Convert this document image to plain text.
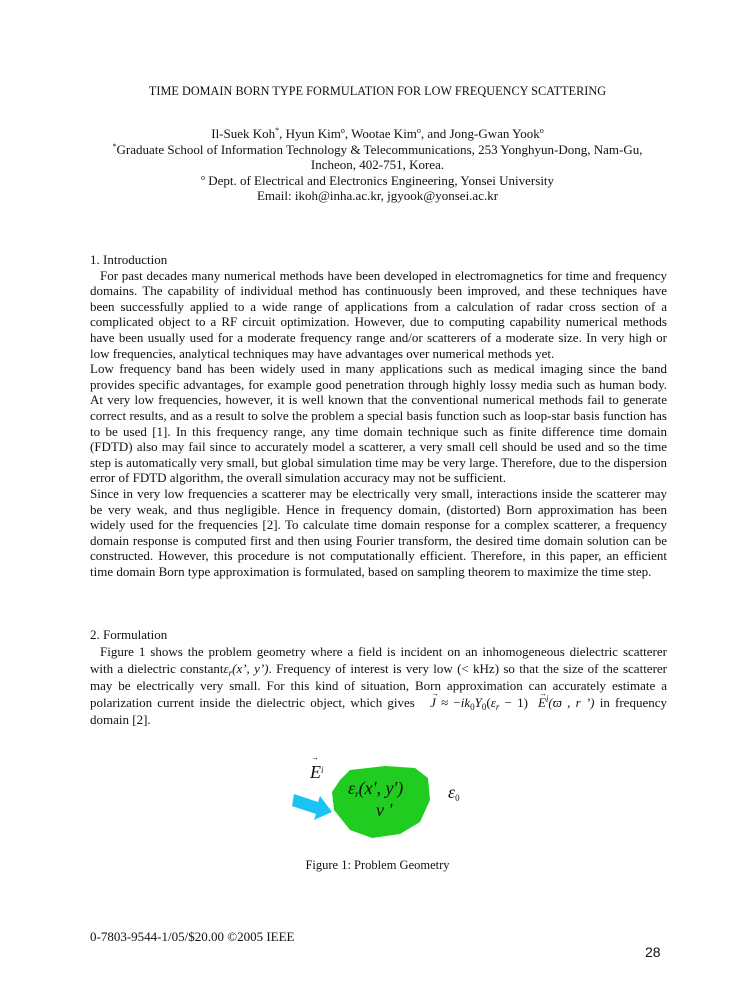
TIME DOMAIN BORN TYPE FORMULATION FOR LOW FREQUENCY SCATTERING
Il-Suek Koh*, Hyun Kim$^o$, Wootae Kim$^o$, and Jong-Gwan Yook$^o$
*Graduate School of Information Technology & Telecommunications, 253 Yonghyun-Dong, Nam-Gu,
Incheon, 402-751, Korea.
$^o$ Dept. of Electrical and Electronics Engineering, Yonsei University
Email: ikoh@inha.ac.kr, jgyook@yonsei.ac.kr
1. Introduction

For past decades many numerical methods have been developed in electromagnetics for time and frequency domains. The capability of individual method has continuously been improved, and these techniques have been successfully applied to a wide range of applications from a calculation of radar cross section of a complicated object to a RF circuit optimization. However, due to computing capability numerical methods have been usually used for a moderate frequency range and/or scatterers of a moderate size. In very high or low frequencies, analytical techniques may have advantages over numerical methods yet.

Low frequency band has been widely used in many applications such as medical imaging since the band provides specific advantages, for example good penetration through highly lossy media such as human body. At very low frequencies, however, it is well known that the conventional numerical methods fail to generate correct results, and as a result to solve the problem a special basis function such as loop-star basis function has to be used [1]. In this frequency range, any time domain technique such as finite difference time domain (FDTD) also may fail since to accurately model a scatterer, a very small cell should be used and so the time step is automatically very small, but global simulation time may be very large. Therefore, due to the dispersion error of FDTD algorithm, the overall simulation accuracy may not be sufficient.

Since in very low frequencies a scatterer may be electrically very small, interactions inside the scatterer may be very weak, and thus negligible. Hence in frequency domain, (distorted) Born approximation has been widely used for the frequencies [2]. To calculate time domain response for a complex scatterer, a frequency domain response is computed first and then using Fourier transform, the desired time domain solution can be constructed. However, this procedure is not computationally efficient. Therefore, in this paper, an efficient time domain Born type approximation is formulated, based on sampling theorem to maximize the time step.

2. Formulation

Figure 1 shows the problem geometry where a field is incident on an inhomogeneous dielectric scatterer with a dielectric constantε$_r$(x’, y’). Frequency of interest is very low (< kHz) so that the size of the scatterer may be electrically very small. For this kind of situation, Born approximation can accurately estimate a polarization current inside the dielectric object, which gives → $J \approx -ik_0Y_0(\varepsilon_r - 1) \to E^i(ϖ$ , r ’) in frequency domain [2].

→ $E^i$
$\varepsilon_r(x'$, y')
v '
$\varepsilon_0$
Figure 1: Problem Geometry
0-7803-9544-1/05/$20.00 ©2005 IEEE
28
